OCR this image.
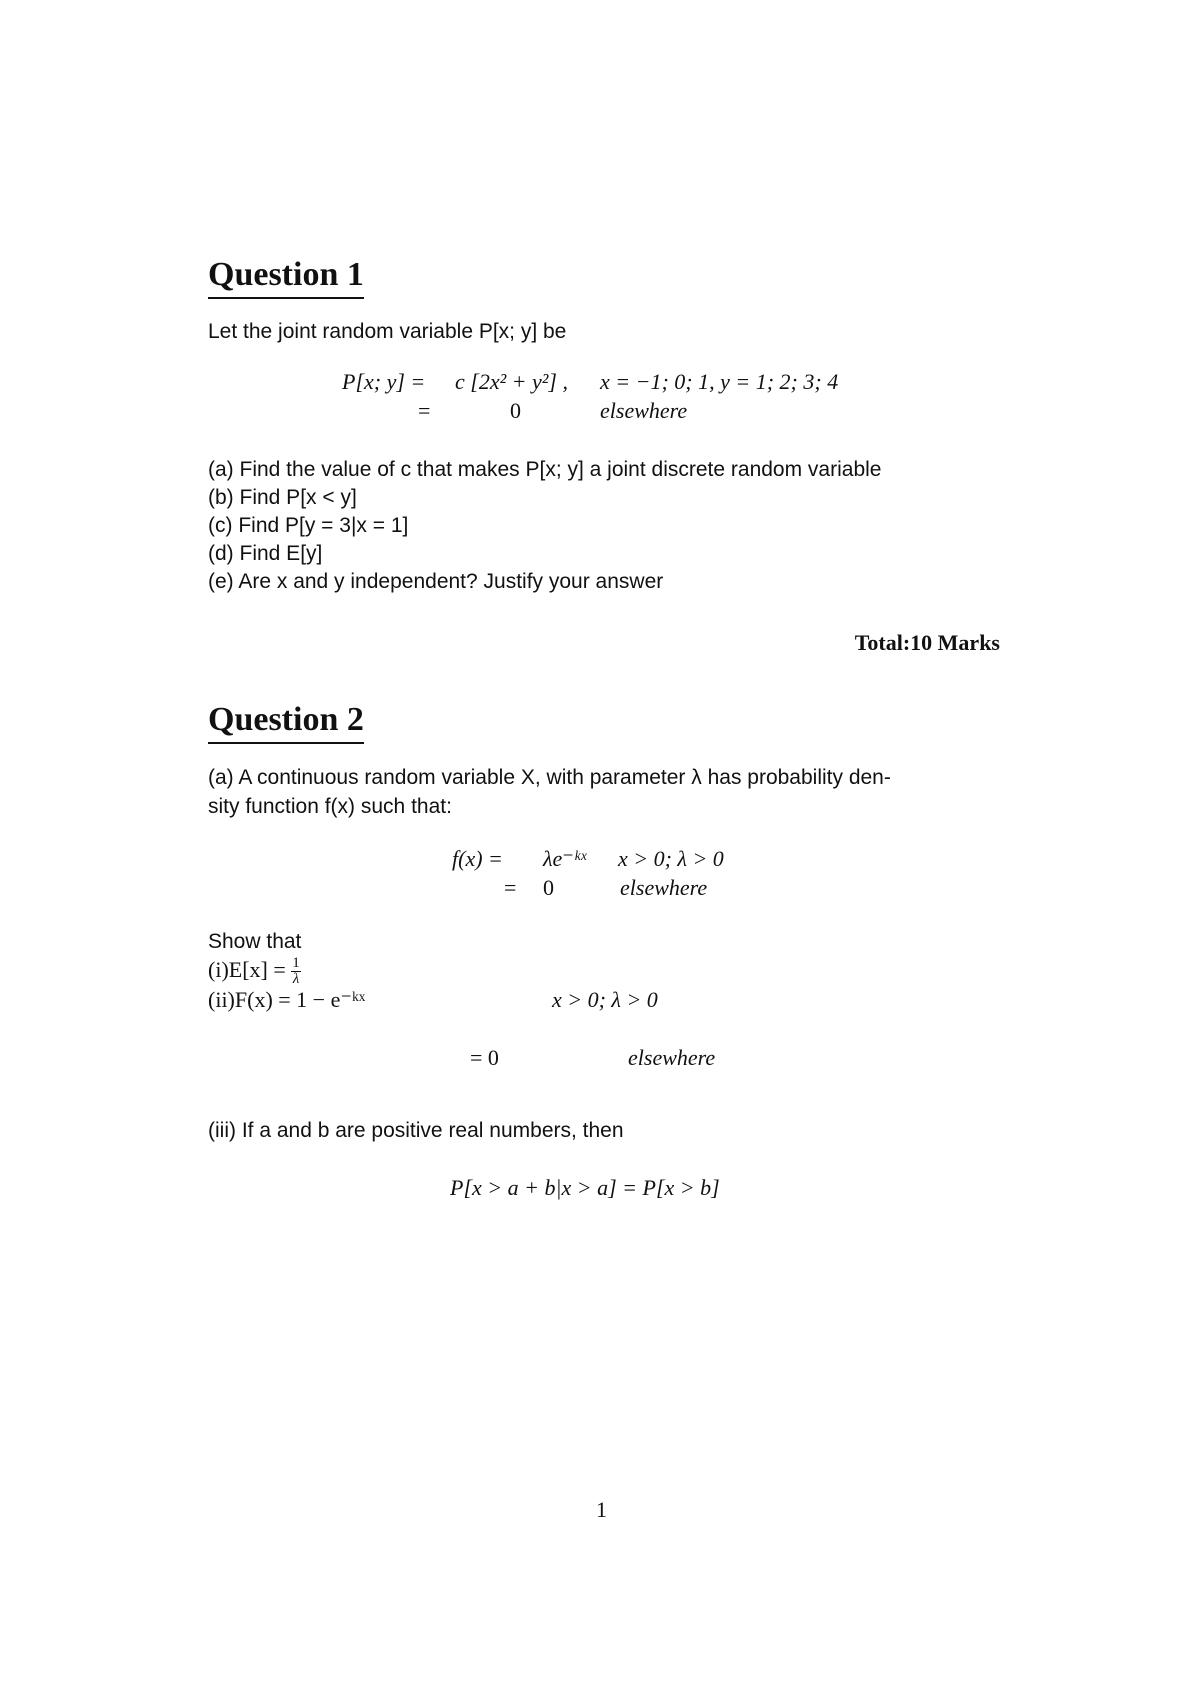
Question 1
Let the joint random variable P[x; y] be
P[x; y] = c [2x² + y²] , x = −1; 0; 1, y = 1; 2; 3; 4
=	0	elsewhere
(a) Find the value of c that makes P[x; y] a joint discrete random variable
(b) Find P[x < y]
(c) Find P[y = 3|x = 1]
(d) Find E[y]
(e) Are x and y independent? Justify your answer
Total:10 Marks
Question 2
(a) A continuous random variable X, with parameter λ has probability den-
sity function f(x) such that:
f(x) = λe⁻ᵏˣ x > 0; λ > 0
= 0	elsewhere
Show that
$(i)E[x] = \frac{1}{\lambda}$
(ii)F(x) = 1 − e⁻ᵏˣ	x > 0; λ > 0
= 0	elsewhere
(iii) If a and b are positive real numbers, then
P[x > a + b|x > a] = P[x > b]
1
